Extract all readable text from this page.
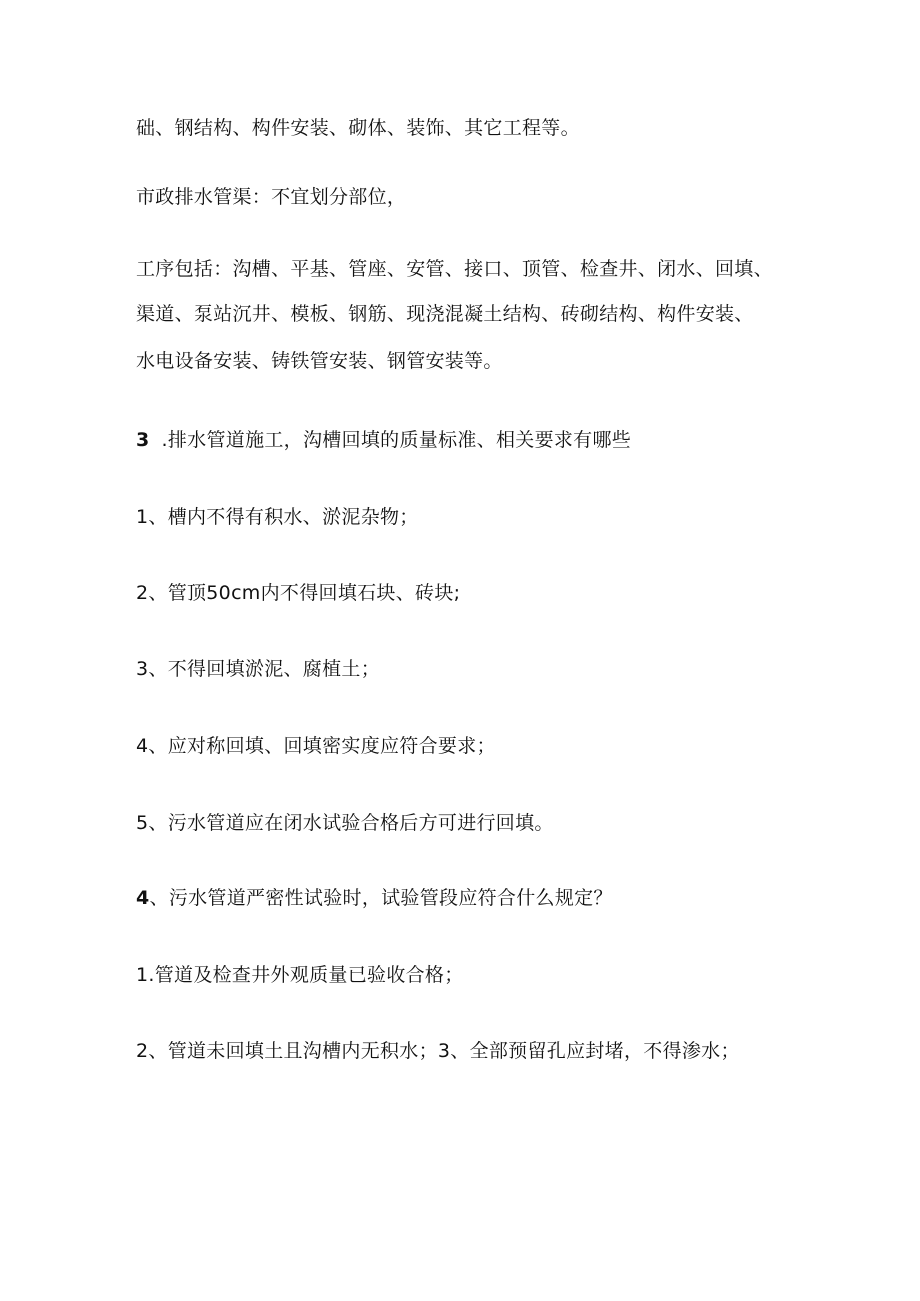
础、钢结构、构件安装、砌体、装饰、其它工程等。
市政排水管渠：不宜划分部位，
工序包括：沟槽、平基、管座、安管、接口、顶管、检查井、闭水、回填、
渠道、泵站沉井、模板、钢筋、现浇混凝土结构、砖砌结构、构件安装、
水电设备安装、铸铁管安装、钢管安装等。
3 .排水管道施工，沟槽回填的质量标准、相关要求有哪些
1、槽内不得有积水、淤泥杂物；
2、管顶50cm内不得回填石块、砖块;
3、不得回填淤泥、腐植土；
4、应对称回填、回填密实度应符合要求；
5、污水管道应在闭水试验合格后方可进行回填。
4、污水管道严密性试验时，试验管段应符合什么规定？
1.管道及检查井外观质量已验收合格；
2、管道未回填土且沟槽内无积水；3、全部预留孔应封堵，不得渗水；
